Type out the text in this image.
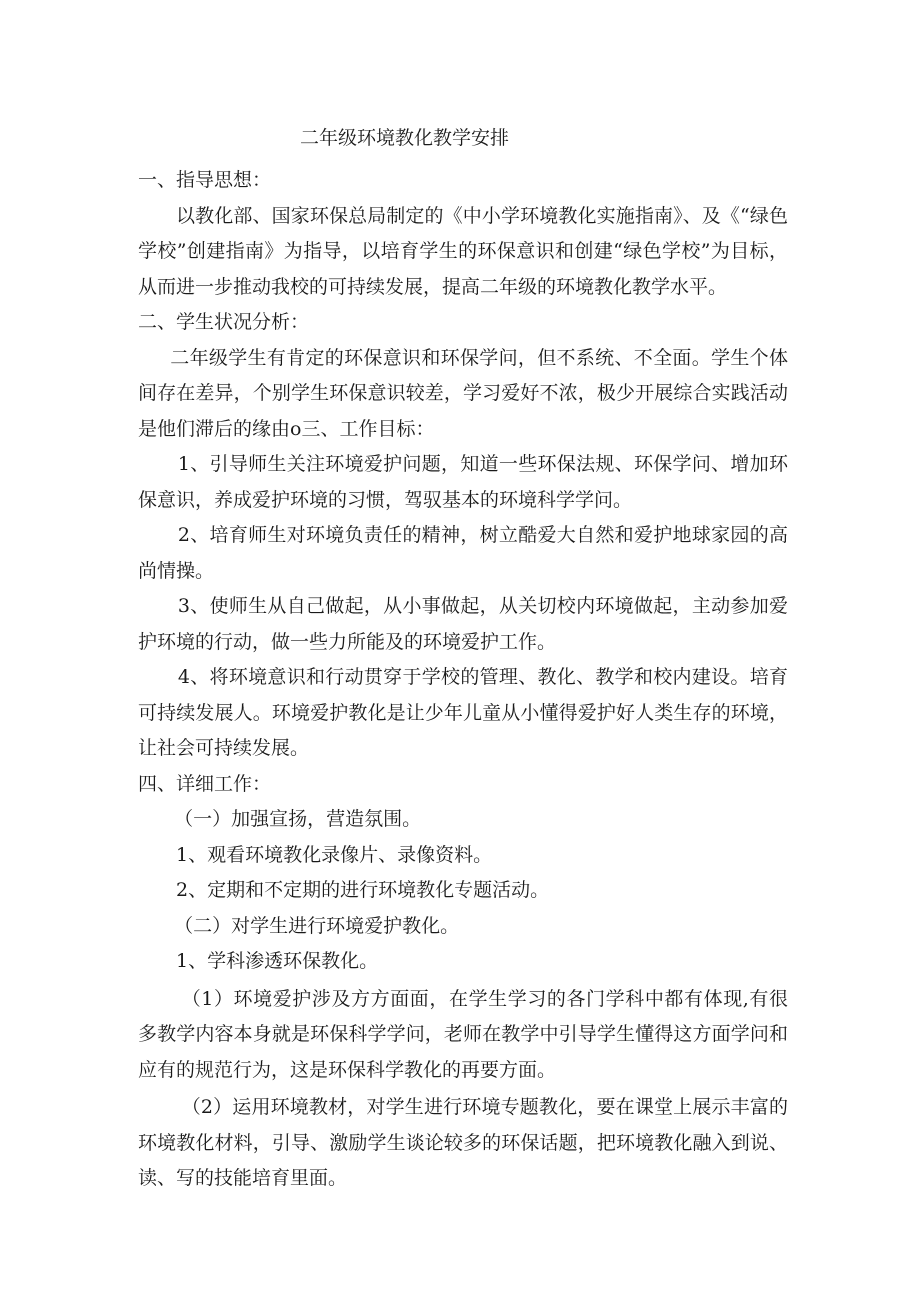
二年级环境教化教学安排

一、指导思想：

以教化部、国家环保总局制定的《中小学环境教化实施指南》、及《“绿色学校”创建指南》为指导，以培育学生的环保意识和创建“绿色学校”为目标，从而进一步推动我校的可持续发展，提高二年级的环境教化教学水平。

二、学生状况分析：

二年级学生有肯定的环保意识和环保学问，但不系统、不全面。学生个体间存在差异，个别学生环保意识较差，学习爱好不浓，极少开展综合实践活动是他们滞后的缘由o三、工作目标：

1、引导师生关注环境爱护问题，知道一些环保法规、环保学问、增加环保意识，养成爱护环境的习惯，驾驭基本的环境科学学问。

2、培育师生对环境负责任的精神，树立酷爱大自然和爱护地球家园的高尚情操。

3、使师生从自己做起，从小事做起，从关切校内环境做起，主动参加爱护环境的行动，做一些力所能及的环境爱护工作。

4、将环境意识和行动贯穿于学校的管理、教化、教学和校内建设。培育可持续发展人。环境爱护教化是让少年儿童从小懂得爱护好人类生存的环境，让社会可持续发展。

四、详细工作：

（一）加强宣扬，营造氛围。

1、观看环境教化录像片、录像资料。

2、定期和不定期的进行环境教化专题活动。

（二）对学生进行环境爱护教化。

1、学科渗透环保教化。

（1）环境爱护涉及方方面面，在学生学习的各门学科中都有体现,有很多教学内容本身就是环保科学学问，老师在教学中引导学生懂得这方面学问和应有的规范行为，这是环保科学教化的再要方面。

（2）运用环境教材，对学生进行环境专题教化，要在课堂上展示丰富的环境教化材料，引导、激励学生谈论较多的环保话题，把环境教化融入到说、读、写的技能培育里面。
